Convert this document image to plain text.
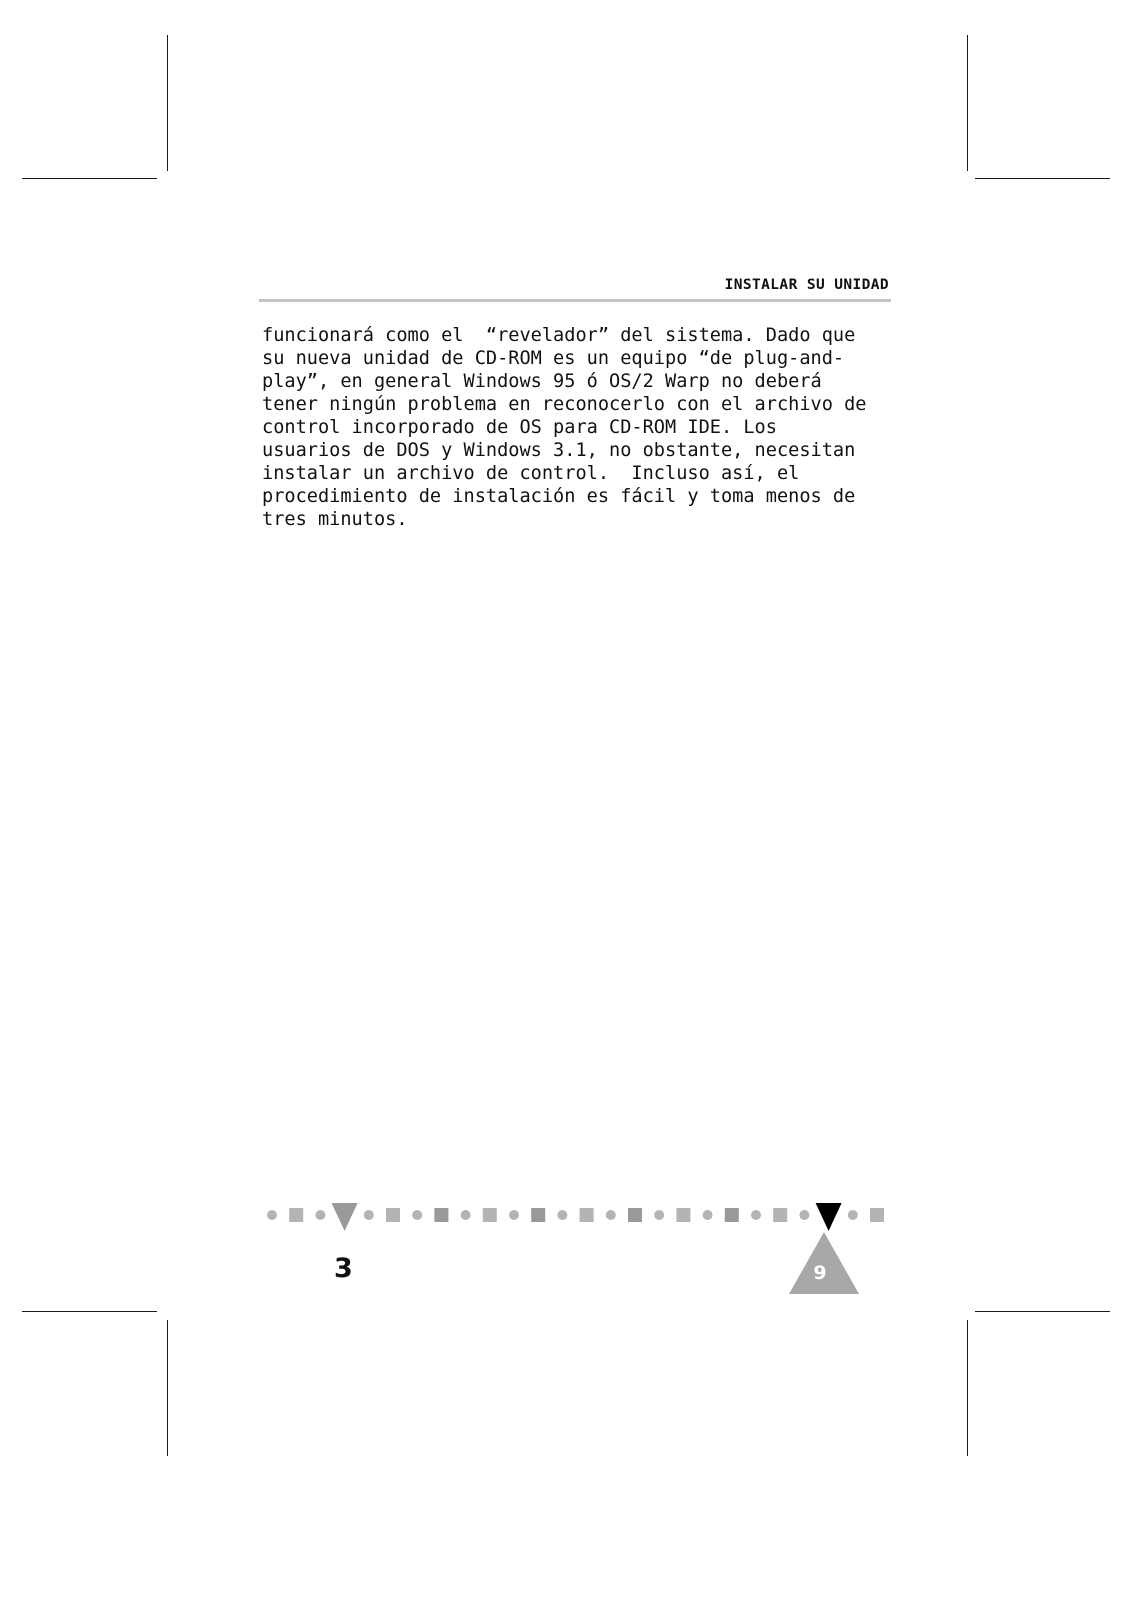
INSTALAR SU UNIDAD
funcionará como el  “revelador” del sistema. Dado que
su nueva unidad de CD-ROM es un equipo “de plug-and-
play”, en general Windows 95 ó OS/2 Warp no deberá
tener ningún problema en reconocerlo con el archivo de
control incorporado de OS para CD-ROM IDE. Los
usuarios de DOS y Windows 3.1, no obstante, necesitan
instalar un archivo de control.  Incluso así, el
procedimiento de instalación es fácil y toma menos de
tres minutos.
3	9
